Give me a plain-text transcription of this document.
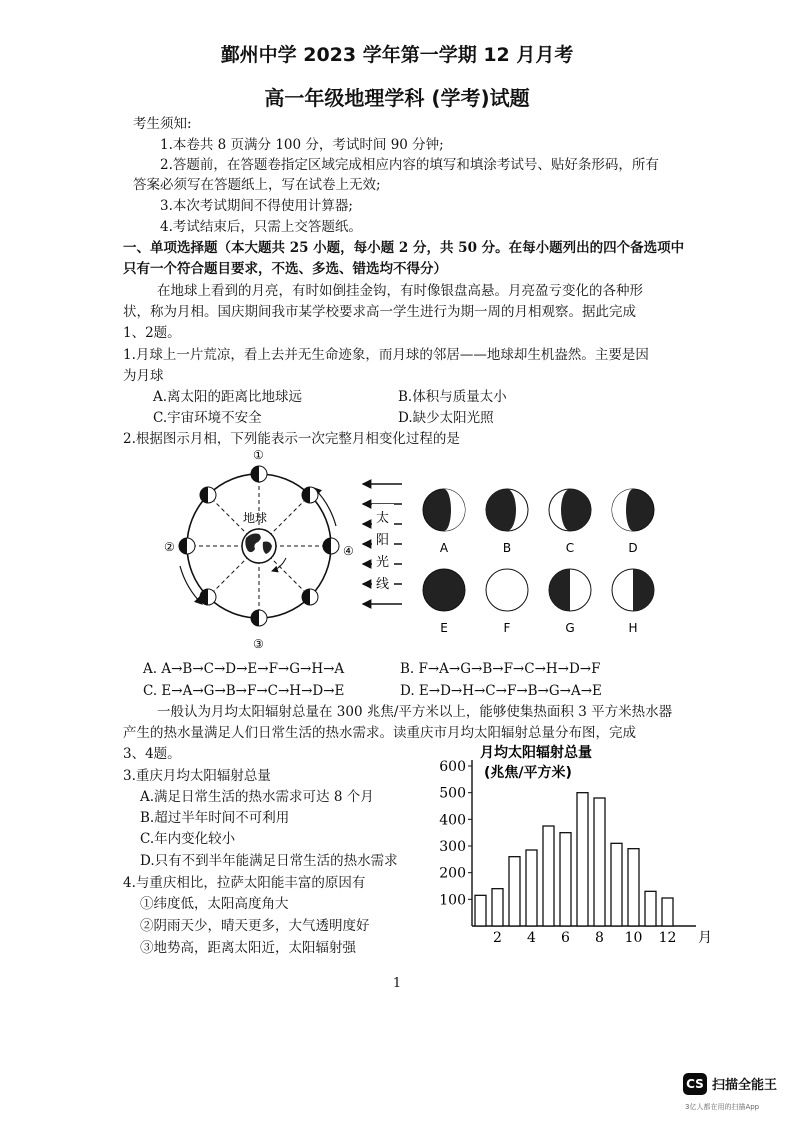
鄞州中学 2023 学年第一学期 12 月月考
高一年级地理学科 (学考)试题
考生须知:
1.本卷共 8 页满分 100 分，考试时间 90 分钟;
2.答题前，在答题卷指定区域完成相应内容的填写和填涂考试号、贴好条形码，所有
答案必须写在答题纸上，写在试卷上无效;
3.本次考试期间不得使用计算器;
4.考试结束后，只需上交答题纸。
一、单项选择题（本大题共 25 小题，每小题 2 分，共 50 分。在每小题列出的四个备选项中
只有一个符合题目要求，不选、多选、错选均不得分）
在地球上看到的月亮，有时如倒挂金钩，有时像银盘高悬。月亮盈亏变化的各种形
状，称为月相。国庆期间我市某学校要求高一学生进行为期一周的月相观察。据此完成
1、2题。
1.月球上一片荒凉，看上去并无生命迹象，而月球的邻居——地球却生机盎然。主要是因
为月球
A.离太阳的距离比地球远	B.体积与质量太小
C.宇宙环境不安全	D.缺少太阳光照
2.根据图示月相，下列能表示一次完整月相变化过程的是
地球
①
②
③
④
太
阳
光
线
A	B	C	D
E	F	G	H
A. A→B→C→D→E→F→G→H→A	B. F→A→G→B→F→C→H→D→F
C. E→A→G→B→F→C→H→D→E	D. E→D→H→C→F→B→G→A→E
一般认为月均太阳辐射总量在 300 兆焦/平方米以上，能够使集热面积 3 平方米热水器
产生的热水量满足人们日常生活的热水需求。读重庆市月均太阳辐射总量分布图，完成
3、4题。
3.重庆月均太阳辐射总量
A.满足日常生活的热水需求可达 8 个月
B.超过半年时间不可利用
C.年内变化较小
D.只有不到半年能满足日常生活的热水需求
4.与重庆相比，拉萨太阳能丰富的原因有
①纬度低，太阳高度角大
②阴雨天少，晴天更多，大气透明度好
③地势高，距离太阳近，太阳辐射强
100
200
300
400
500
600
2 4 6 8 10 12 月
月均太阳辐射总量
(兆焦/平方米)
1
CS 扫描全能王
3亿人都在用的扫描App
